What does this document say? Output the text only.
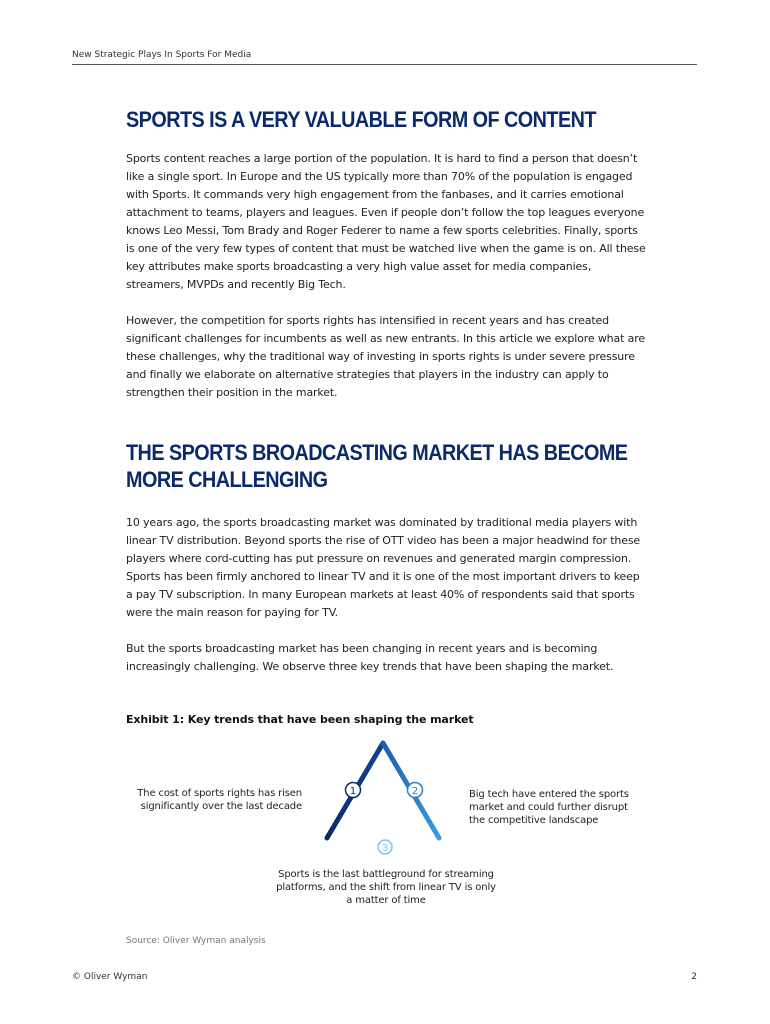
New Strategic Plays In Sports For Media
SPORTS IS A VERY VALUABLE FORM OF CONTENT

Sports content reaches a large portion of the population. It is hard to find a person that doesn’t like a single sport. In Europe and the US typically more than 70% of the population is engaged with Sports. It commands very high engagement from the fanbases, and it carries emotional attachment to teams, players and leagues. Even if people don’t follow the top leagues everyone knows Leo Messi, Tom Brady and Roger Federer to name a few sports celebrities. Finally, sports is one of the very few types of content that must be watched live when the game is on. All these key attributes make sports broadcasting a very high value asset for media companies, streamers, MVPDs and recently Big Tech.

However, the competition for sports rights has intensified in recent years and has created significant challenges for incumbents as well as new entrants. In this article we explore what are these challenges, why the traditional way of investing in sports rights is under severe pressure and finally we elaborate on alternative strategies that players in the industry can apply to strengthen their position in the market.

THE SPORTS BROADCASTING MARKET HAS BECOME
MORE CHALLENGING

10 years ago, the sports broadcasting market was dominated by traditional media players with linear TV distribution. Beyond sports the rise of OTT video has been a major headwind for these players where cord-cutting has put pressure on revenues and generated margin compression. Sports has been firmly anchored to linear TV and it is one of the most important drivers to keep a pay TV subscription. In many European markets at least 40% of respondents said that sports were the main reason for paying for TV.

But the sports broadcasting market has been changing in recent years and is becoming increasingly challenging. We observe three key trends that have been shaping the market.

Exhibit 1: Key trends that have been shaping the market
1	2
3
The cost of sports rights has risen
significantly over the last decade
Big tech have entered the sports
market and could further disrupt
the competitive landscape
Sports is the last battleground for streaming
platforms, and the shift from linear TV is only
a matter of time
Source: Oliver Wyman analysis
© Oliver Wyman	2
